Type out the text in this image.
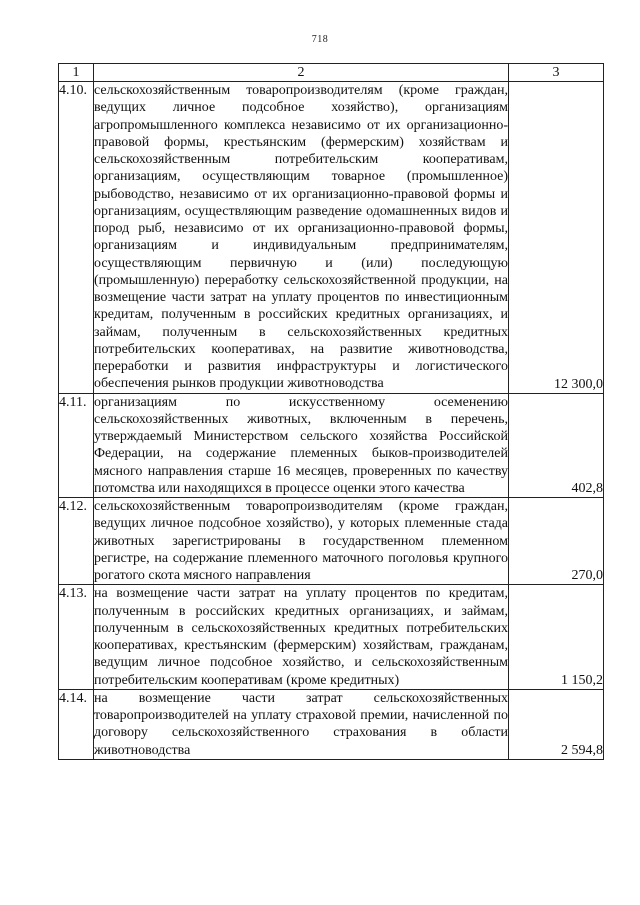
718
1	2	3
4.10.	сельскохозяйственным товаропроизводителям (кроме граждан, ведущих личное подсобное хозяйство), организациям агропромышленного комплекса независимо от их организационно-правовой формы, крестьянским (фермерским) хозяйствам и сельскохозяйственным потребительским кооперативам, организациям, осуществляющим товарное (промышленное) рыбоводство, независимо от их организационно-правовой формы и организациям, осуществляющим разведение одомашненных видов и пород рыб, независимо от их организационно-правовой формы, организациям и индивидуальным предпринимателям, осуществляющим первичную и (или) последующую (промышленную) переработку сельскохозяйственной продукции, на возмещение части затрат на уплату процентов по инвестиционным кредитам, полученным в российских кредитных организациях, и займам, полученным в сельскохозяйственных кредитных потребительских кооперативах, на развитие животноводства, переработки и развития инфраструктуры и логистического обеспечения рынков продукции животноводства	12 300,0
4.11.	организациям по искусственному осеменению сельскохозяйственных животных, включенным в перечень, утверждаемый Министерством сельского хозяйства Российской Федерации, на содержание племенных быков-производителей мясного направления старше 16 месяцев, проверенных по качеству потомства или находящихся в процессе оценки этого качества	402,8
4.12.	сельскохозяйственным товаропроизводителям (кроме граждан, ведущих личное подсобное хозяйство), у которых племенные стада животных зарегистрированы в государственном племенном регистре, на содержание племенного маточного поголовья крупного рогатого скота мясного направления	270,0
4.13.	на возмещение части затрат на уплату процентов по кредитам, полученным в российских кредитных организациях, и займам, полученным в сельскохозяйственных кредитных потребительских кооперативах, крестьянским (фермерским) хозяйствам, гражданам, ведущим личное подсобное хозяйство, и сельскохозяйственным потребительским кооперативам (кроме кредитных)	1 150,2
4.14.	на возмещение части затрат сельскохозяйственных товаропроизводителей на уплату страховой премии, начисленной по договору сельскохозяйственного страхования в области животноводства	2 594,8
